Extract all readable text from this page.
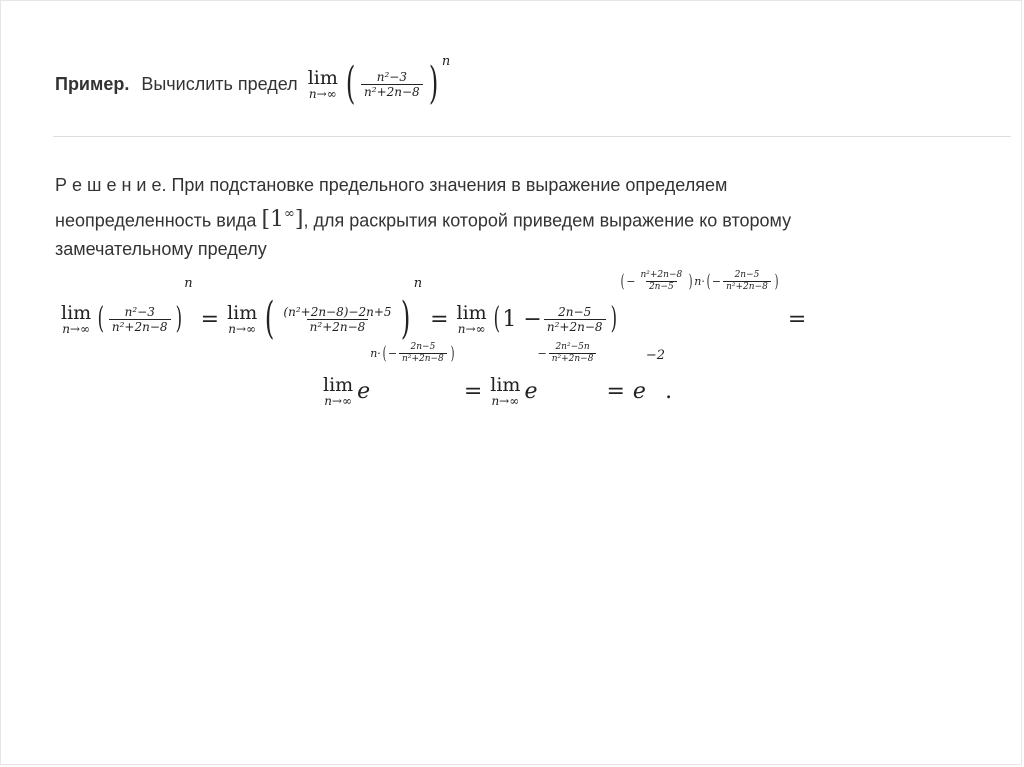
Пример. Вычислить предел lim
n→∞ ( $\frac{\text{n²−3}}{\text{n²+2n−8}}$ ) n
Р е ш е н и е. При подстановке предельного значения в выражение определяем
неопределенность вида [1∞], для раскрытия которой приведем выражение ко второму
замечательному пределу
lim
n→∞ ( $\frac{\text{n²−3}}{\text{n²+2n−8}}$ )
n
= lim
n→∞ ( $\frac{\text{(n²+2n−8)−2n+5}}{\text{n²+2n−8}}$ )
n
= lim
n→∞ ( $1 - \frac{2n-5}{\text{n²+2n−8}}$ )
( − $\frac{\text{n²+2n−8}}{2n-5}$ ) n· ( − $\frac{2n-5}{\text{n²+2n−8}}$ )
=
lim
n→∞ e
n· ( − $\frac{2n-5}{\text{n²+2n−8}}$ )
= lim
n→∞ e
− $\frac{\text{2n²−5n}}{\text{n²+2n−8}}$
= e
−2
.
